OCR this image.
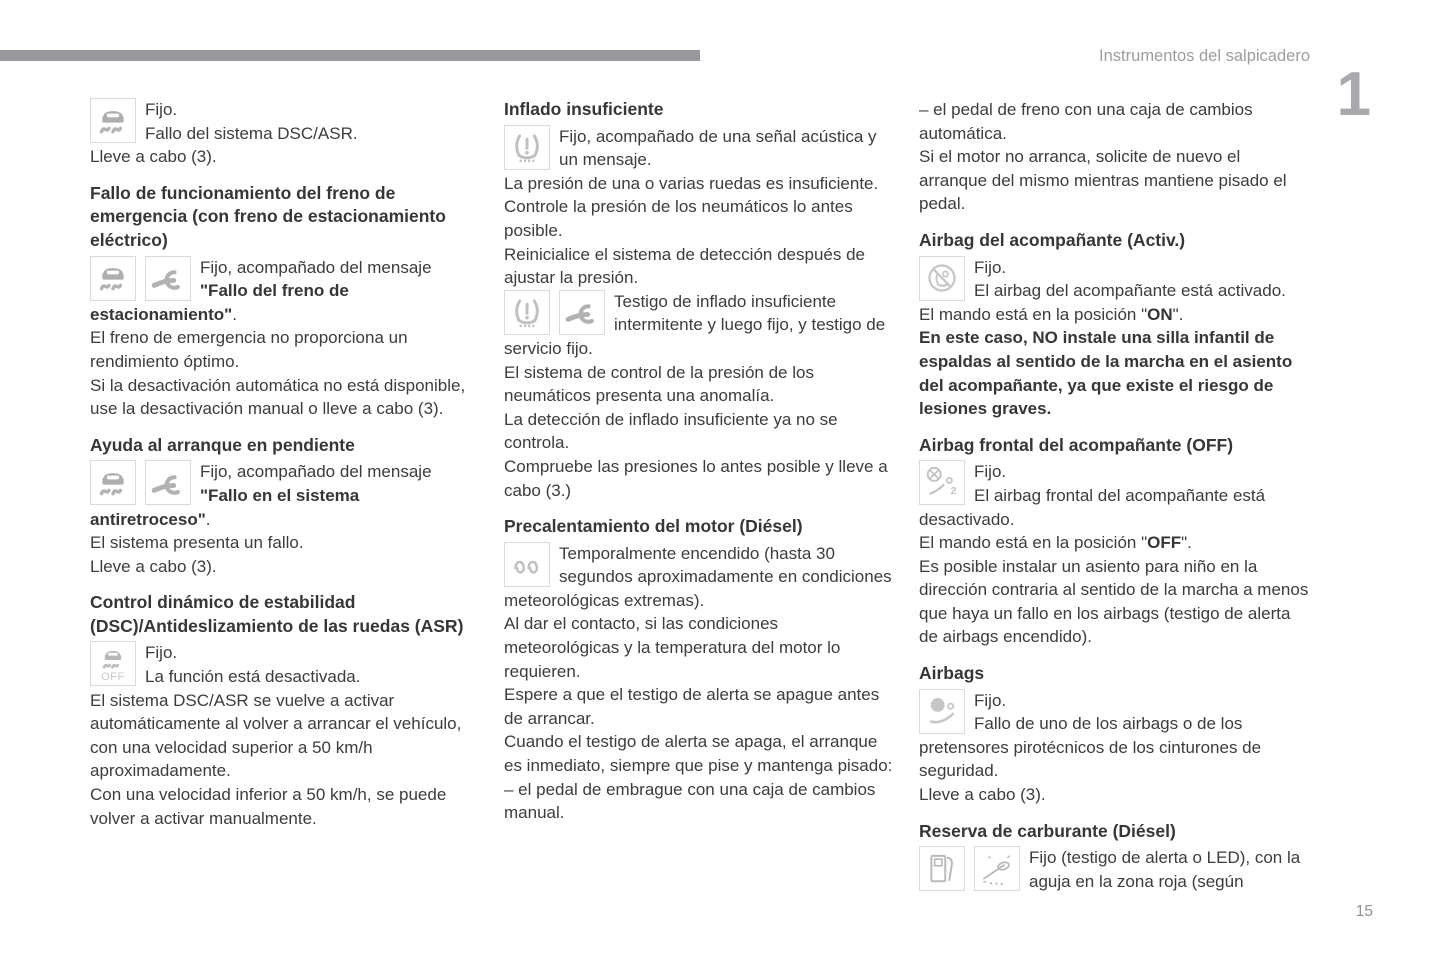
Instrumentos del salpicadero
1

Fijo.

Fallo del sistema DSC/ASR.

Lleve a cabo (3).

Fallo de funcionamiento del freno de emergencia (con freno de estacionamiento eléctrico)

Fijo, acompañado del mensaje "Fallo del freno de estacionamiento".

El freno de emergencia no proporciona un rendimiento óptimo.

Si la desactivación automática no está disponible, use la desactivación manual o lleve a cabo (3).

Ayuda al arranque en pendiente

Fijo, acompañado del mensaje "Fallo en el sistema antiretroceso".

El sistema presenta un fallo.

Lleve a cabo (3).

Control dinámico de estabilidad (DSC)/Antideslizamiento de las ruedas (ASR)
OFF

Fijo.

La función está desactivada.

El sistema DSC/ASR se vuelve a activar automáticamente al volver a arrancar el vehículo, con una velocidad superior a 50 km/h aproximadamente.

Con una velocidad inferior a 50 km/h, se puede volver a activar manualmente.

Inflado insuficiente

Fijo, acompañado de una señal acústica y un mensaje.

La presión de una o varias ruedas es insuficiente.

Controle la presión de los neumáticos lo antes posible.

Reinicialice el sistema de detección después de ajustar la presión.

Testigo de inflado insuficiente intermitente y luego fijo, y testigo de servicio fijo.

El sistema de control de la presión de los neumáticos presenta una anomalía.

La detección de inflado insuficiente ya no se controla.

Compruebe las presiones lo antes posible y lleve a cabo (3.)

Precalentamiento del motor (Diésel)

Temporalmente encendido (hasta 30 segundos aproximadamente en condiciones meteorológicas extremas).

Al dar el contacto, si las condiciones meteorológicas y la temperatura del motor lo requieren.

Espere a que el testigo de alerta se apague antes de arrancar.

Cuando el testigo de alerta se apaga, el arranque es inmediato, siempre que pise y mantenga pisado:

– el pedal de embrague con una caja de cambios manual.

– el pedal de freno con una caja de cambios automática.

Si el motor no arranca, solicite de nuevo el arranque del mismo mientras mantiene pisado el pedal.

Airbag del acompañante (Activ.)

Fijo.

El airbag del acompañante está activado.

El mando está en la posición "ON".

En este caso, NO instale una silla infantil de espaldas al sentido de la marcha en el asiento del acompañante, ya que existe el riesgo de lesiones graves.

Airbag frontal del acompañante (OFF)
2

Fijo.

El airbag frontal del acompañante está desactivado.

El mando está en la posición "OFF".

Es posible instalar un asiento para niño en la dirección contraria al sentido de la marcha a menos que haya un fallo en los airbags (testigo de alerta de airbags encendido).

Airbags

Fijo.

Fallo de uno de los airbags o de los pretensores pirotécnicos de los cinturones de seguridad.

Lleve a cabo (3).

Reserva de carburante (Diésel)

Fijo (testigo de alerta o LED), con la aguja en la zona roja (según

15
